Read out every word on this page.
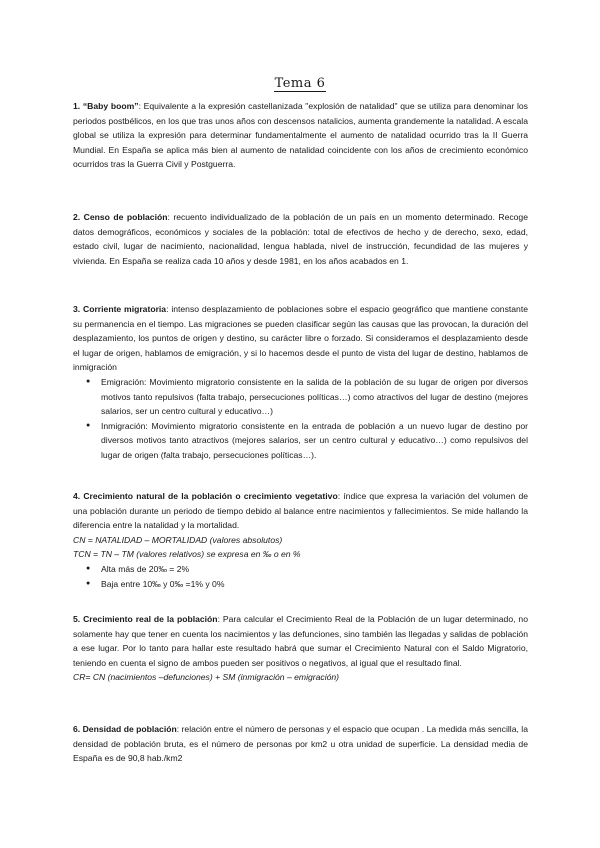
Tema 6

1. “Baby boom”: Equivalente a la expresión castellanizada "explosión de natalidad" que se utiliza para denominar los periodos postbélicos, en los que tras unos años con descensos natalicios, aumenta grandemente la natalidad. A escala global se utiliza la expresión para determinar fundamentalmente el aumento de natalidad ocurrido tras la II Guerra Mundial. En España se aplica más bien al aumento de natalidad coincidente con los años de crecimiento económico ocurridos tras la Guerra Civil y Postguerra.

2. Censo de población: recuento individualizado de la población de un país en un momento determinado. Recoge datos demográficos, económicos y sociales de la población: total de efectivos de hecho y de derecho, sexo, edad, estado civil, lugar de nacimiento, nacionalidad, lengua hablada, nivel de instrucción, fecundidad de las mujeres y vivienda. En España se realiza cada 10 años y desde 1981, en los años acabados en 1.

3. Corriente migratoria: intenso desplazamiento de poblaciones sobre el espacio geográfico que mantiene constante su permanencia en el tiempo. Las migraciones se pueden clasificar según las causas que las provocan, la duración del desplazamiento, los puntos de origen y destino, su carácter libre o forzado. Si consideramos el desplazamiento desde el lugar de origen, hablamos de emigración, y si lo hacemos desde el punto de vista del lugar de destino, hablamos de inmigración

● Emigración: Movimiento migratorio consistente en la salida de la población de su lugar de origen por diversos motivos tanto repulsivos (falta trabajo, persecuciones políticas…) como atractivos del lugar de destino (mejores salarios, ser un centro cultural y educativo…)
● Inmigración: Movimiento migratorio consistente en la entrada de población a un nuevo lugar de destino por diversos motivos tanto atractivos (mejores salarios, ser un centro cultural y educativo…) como repulsivos del lugar de origen (falta trabajo, persecuciones políticas…).

4. Crecimiento natural de la población o crecimiento vegetativo: índice que expresa la variación del volumen de una población durante un periodo de tiempo debido al balance entre nacimientos y fallecimientos. Se mide hallando la diferencia entre la natalidad y la mortalidad.

CN = NATALIDAD – MORTALIDAD (valores absolutos)

TCN = TN – TM (valores relativos) se expresa en ‰ o en %

● Alta más de 20‰ = 2%
● Baja entre 10‰ y 0‰ =1% y 0%

5. Crecimiento real de la población: Para calcular el Crecimiento Real de la Población de un lugar determinado, no solamente hay que tener en cuenta los nacimientos y las defunciones, sino también las llegadas y salidas de población a ese lugar. Por lo tanto para hallar este resultado habrá que sumar el Crecimiento Natural con el Saldo Migratorio, teniendo en cuenta el signo de ambos pueden ser positivos o negativos, al igual que el resultado final.

CR= CN (nacimientos –defunciones) + SM (inmigración – emigración)

6. Densidad de población: relación entre el número de personas y el espacio que ocupan . La medida más sencilla, la densidad de población bruta, es el número de personas por km2 u otra unidad de superficie. La densidad media de España es de 90,8 hab./km2
